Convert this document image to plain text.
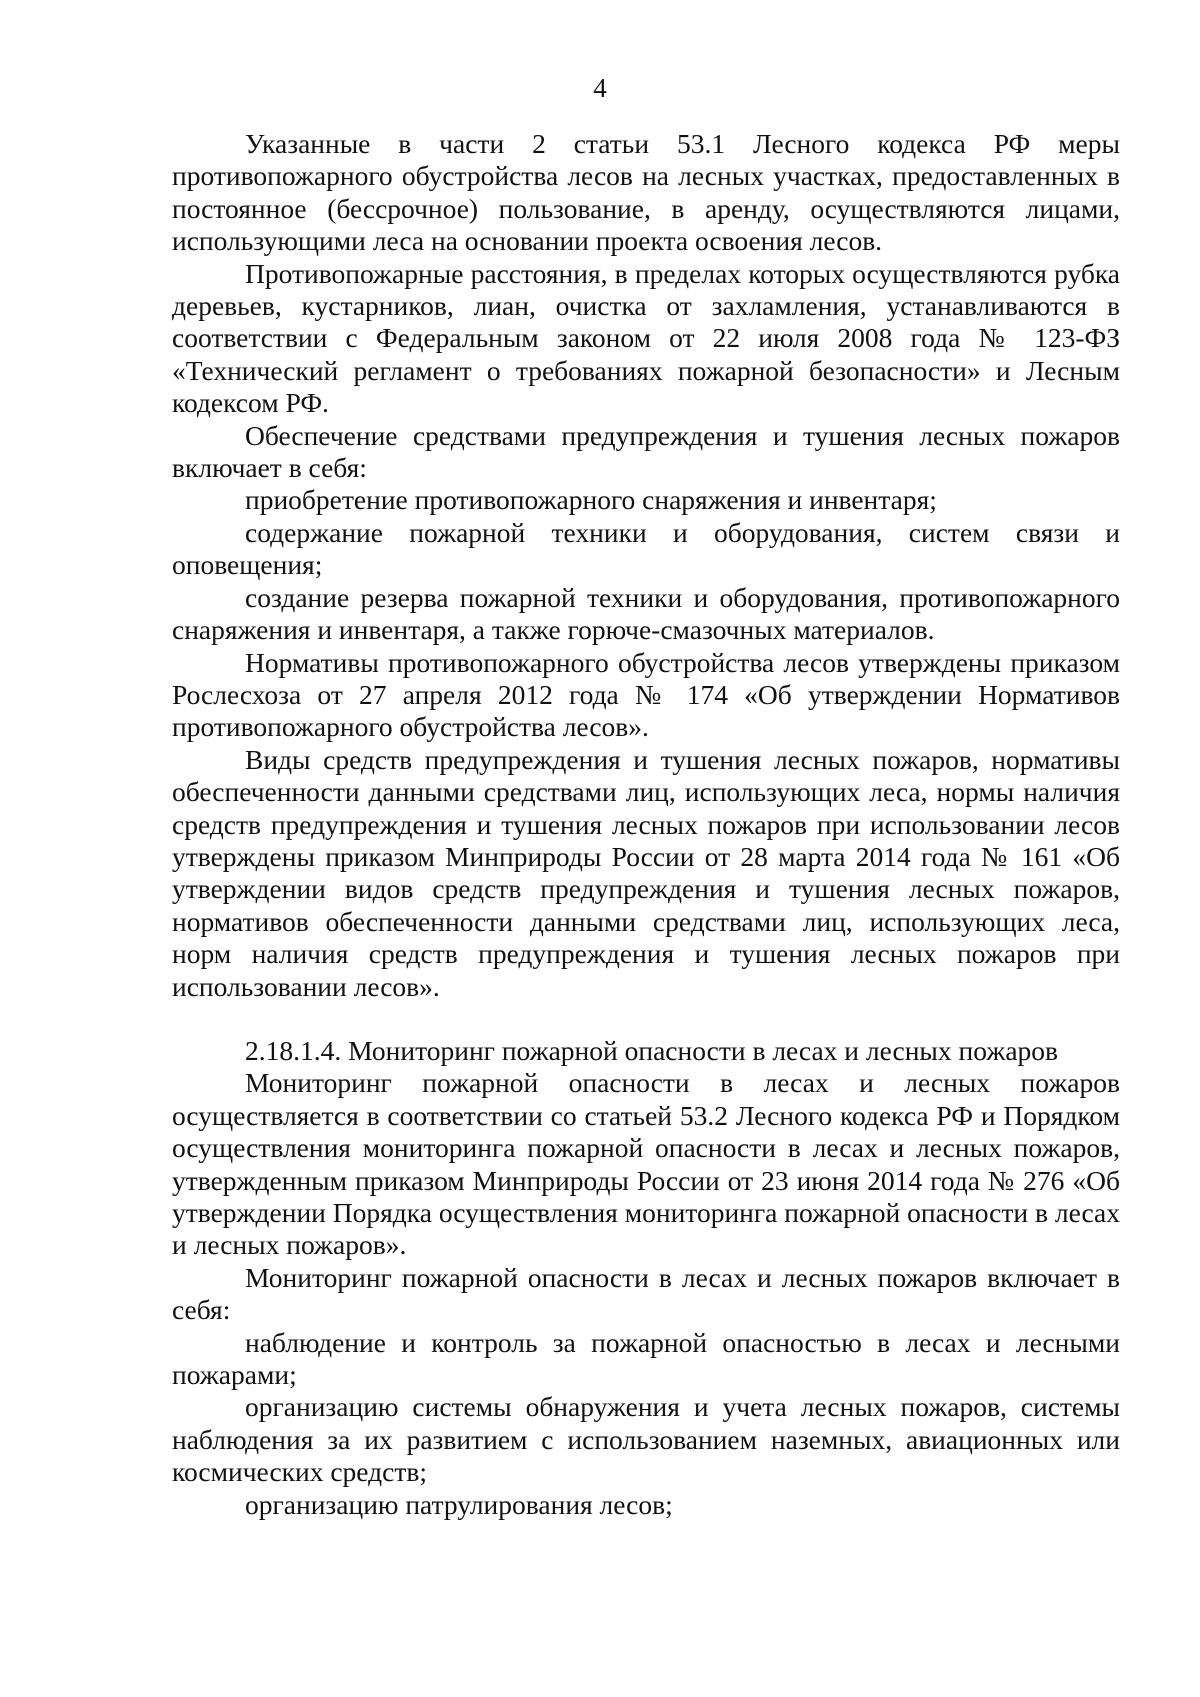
4

Указанные в части 2 статьи 53.1 Лесного кодекса РФ меры противопожарного обустройства лесов на лесных участках, предоставленных в постоянное (бессрочное) пользование, в аренду, осуществляются лицами, использующими леса на основании проекта освоения лесов.

Противопожарные расстояния, в пределах которых осуществляются рубка деревьев, кустарников, лиан, очистка от захламления, устанавливаются в соответствии с Федеральным законом от 22 июля 2008 года № 123-ФЗ «Технический регламент о требованиях пожарной безопасности» и Лесным кодексом РФ.

Обеспечение средствами предупреждения и тушения лесных пожаров включает в себя:

приобретение противопожарного снаряжения и инвентаря;

содержание пожарной техники и оборудования, систем связи и оповещения;

создание резерва пожарной техники и оборудования, противопожарного снаряжения и инвентаря, а также горюче-смазочных материалов.

Нормативы противопожарного обустройства лесов утверждены приказом Рослесхоза от 27 апреля 2012 года № 174 «Об утверждении Нормативов противопожарного обустройства лесов».

Виды средств предупреждения и тушения лесных пожаров, нормативы обеспеченности данными средствами лиц, использующих леса, нормы наличия средств предупреждения и тушения лесных пожаров при использовании лесов утверждены приказом Минприроды России от 28 марта 2014 года № 161 «Об утверждении видов средств предупреждения и тушения лесных пожаров, нормативов обеспеченности данными средствами лиц, использующих леса, норм наличия средств предупреждения и тушения лесных пожаров при использовании лесов».

2.18.1.4. Мониторинг пожарной опасности в лесах и лесных пожаров

Мониторинг пожарной опасности в лесах и лесных пожаров осуществляется в соответствии со статьей 53.2 Лесного кодекса РФ и Порядком осуществления мониторинга пожарной опасности в лесах и лесных пожаров, утвержденным приказом Минприроды России от 23 июня 2014 года № 276 «Об утверждении Порядка осуществления мониторинга пожарной опасности в лесах и лесных пожаров».

Мониторинг пожарной опасности в лесах и лесных пожаров включает в себя:

наблюдение и контроль за пожарной опасностью в лесах и лесными пожарами;

организацию системы обнаружения и учета лесных пожаров, системы наблюдения за их развитием с использованием наземных, авиационных или космических средств;

организацию патрулирования лесов;
